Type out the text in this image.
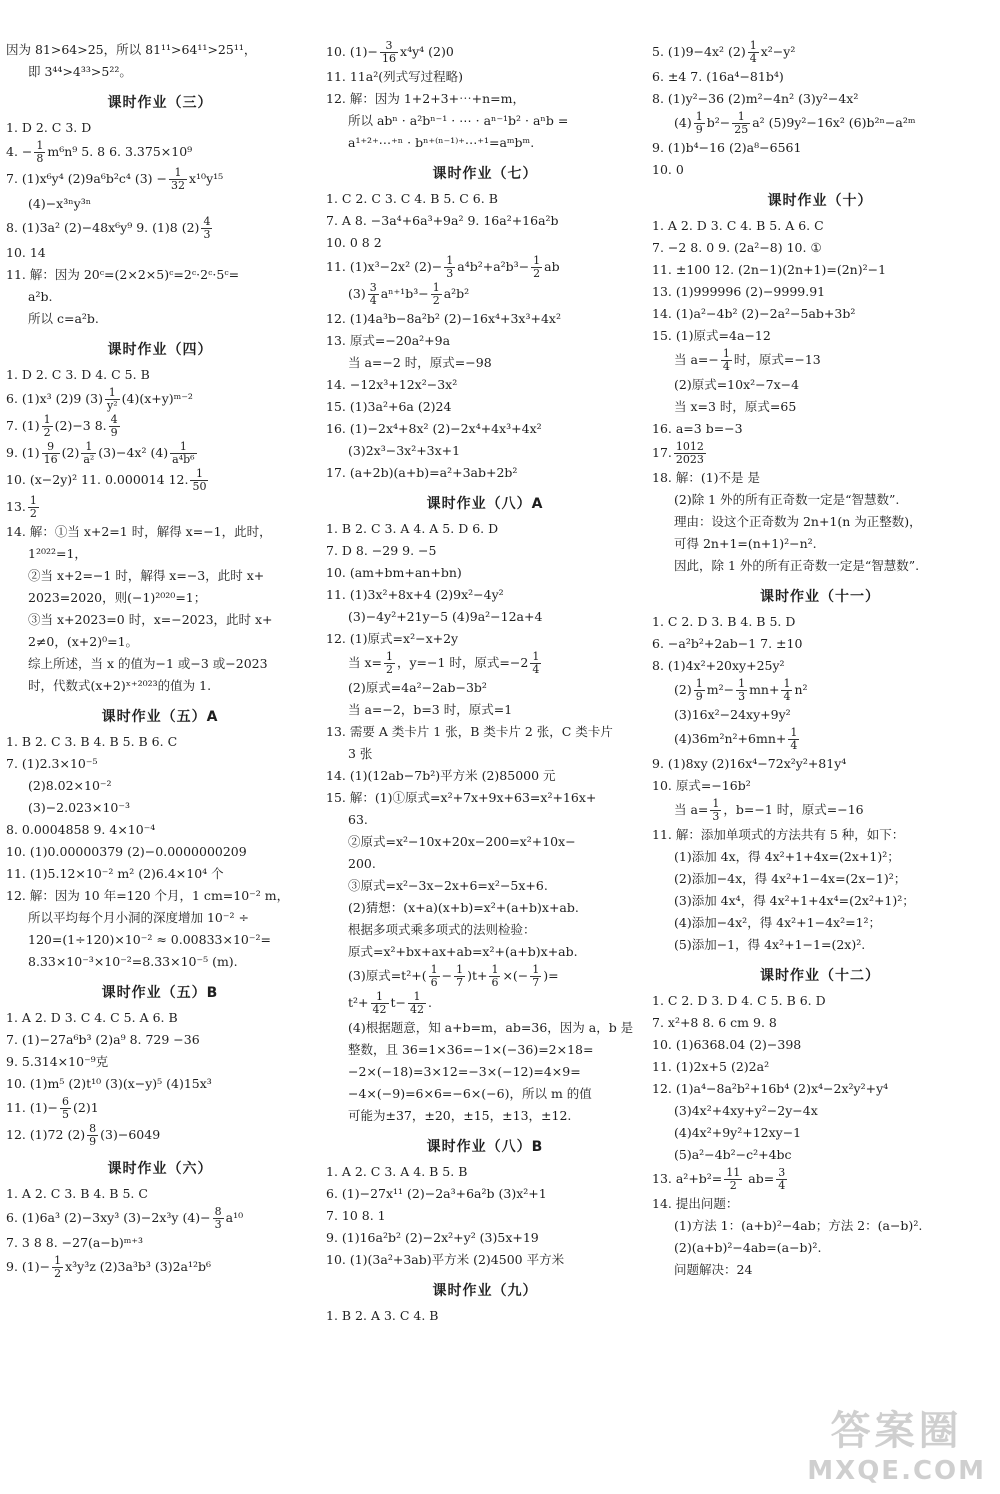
因为 81>64>25，所以 81¹¹>64¹¹>25¹¹，
即 3⁴⁴>4³³>5²²。
课时作业（三）
1. D 2. C 3. D
4. − $\frac{1}{8} m^6n^9$ 5. 8 6. 3.375×10⁹
7. (1)x⁶y⁴ (2)9a⁶b²c⁴ $(3) - \frac{1}{32} x^{10}y^{15}$
(4)−x³ⁿy³ⁿ
8. (1)3a² (2)−48x⁶y⁹ 9. (1)8 $(2) \frac{4}{3}$
10. 14
11. 解：因为 20ᶜ=(2×2×5)ᶜ=2ᶜ·2ᶜ·5ᶜ=
a²b.
所以 c=a²b.
课时作业（四）
1. D 2. C 3. D 4. C 5. B
6. (1)x³ (2)9 $(3) \frac{1}{\text{y²}}$ (4)(x+y)ᵐ⁻²
7. $(1) \frac{1}{2} (2)-3$ 8. $\frac{4}{9}$
9. $(1) \frac{9}{16} (2) \frac{1}{\text{a²}} (3)-4x^2$ $(4) \frac{1}{\text{a⁴b⁶}}$
10. (x−2y)² 11. 0.000014 12. $\frac{1}{50}$
13. $\frac{1}{2}$
14. 解：①当 x+2=1 时，解得 x=−1，此时，
1²⁰²²=1，
②当 x+2=−1 时，解得 x=−3，此时 x+
2023=2020，则(−1)²⁰²⁰=1；
③当 x+2023=0 时，x=−2023，此时 x+
2≠0，(x+2)⁰=1。
综上所述，当 x 的值为−1 或−3 或−2023
时，代数式(x+2)ˣ⁺²⁰²³的值为 1.
课时作业（五）A
1. B 2. C 3. B 4. B 5. B 6. C
7. (1)2.3×10⁻⁵
(2)8.02×10⁻²
(3)−2.023×10⁻³
8. 0.0004858 9. 4×10⁻⁴
10. (1)0.00000379 (2)−0.0000000209
11. (1)5.12×10⁻² m² (2)6.4×10⁴ 个
12. 解：因为 10 年=120 个月，1 cm=10⁻² m，
所以平均每个月小洞的深度增加 10⁻² ÷
120=(1÷120)×10⁻² ≈ 0.00833×10⁻²=
8.33×10⁻³×10⁻²=8.33×10⁻⁵ (m).
课时作业（五）B
1. A 2. D 3. C 4. C 5. A 6. B
7. (1)−27a⁶b³ (2)a⁹ 8. 729 −36
9. 5.314×10⁻⁹克
10. (1)m⁵ (2)t¹⁰ (3)(x−y)⁵ (4)15x³
11. $(1)- \frac{6}{5} (2)1$
12. (1)72 $(2) \frac{8}{9} (3)-6049$
课时作业（六）
1. A 2. C 3. B 4. B 5. C
6. (1)6a³ (2)−3xy³ (3)−2x³y $(4)- \frac{8}{3} a^{10}$
7. 3 8 8. −27(a−b)ᵐ⁺³
9. $(1)- \frac{1}{2} x^3y^3z$ (2)3a³b³ (3)2a¹²b⁶
10. $(1)- \frac{3}{16} x^4y^4$ (2)0
11. 11a²(列式写过程略)
12. 解：因为 1+2+3+⋯+n=m，
所以 abⁿ · a²bⁿ⁻¹ · ⋯ · aⁿ⁻¹b² · aⁿb =
a¹⁺²⁺⋯⁺ⁿ · bⁿ⁺⁽ⁿ⁻¹⁾⁺⋯⁺¹=aᵐbᵐ.
课时作业（七）
1. C 2. C 3. C 4. B 5. C 6. B
7. A 8. −3a⁴+6a³+9a² 9. 16a²+16a²b
10. 0 8 2
11. (1)x³−2x² $(2)- \frac{1}{3} a^4b^2+a^2b^3- \frac{1}{2}$ ab
$(3) \frac{3}{4} a^{n+1}b^3- \frac{1}{2} a^2b^2$
12. (1)4a³b−8a²b² (2)−16x⁴+3x³+4x²
13. 原式=−20a²+9a
当 a=−2 时，原式=−98
14. −12x³+12x²−3x²
15. (1)3a²+6a (2)24
16. (1)−2x⁴+8x² (2)−2x⁴+4x³+4x²
(3)2x³−3x²+3x+1
17. (a+2b)(a+b)=a²+3ab+2b²
课时作业（八）A
1. B 2. C 3. A 4. A 5. D 6. D
7. D 8. −29 9. −5
10. (am+bm+an+bn)
11. (1)3x²+8x+4 (2)9x²−4y²
(3)−4y²+21y−5 (4)9a²−12a+4
12. (1)原式=x²−x+2y
当 $x= \frac{1}{2}$ ，y=−1 时，原式$=-2 \frac{1}{4}$
(2)原式=4a²−2ab−3b²
当 a=−2，b=3 时，原式=1
13. 需要 A 类卡片 1 张，B 类卡片 2 张，C 类卡片
3 张
14. (1)(12ab−7b²)平方米 (2)85000 元
15. 解：(1)①原式=x²+7x+9x+63=x²+16x+
63.
②原式=x²−10x+20x−200=x²+10x−
200.
③原式=x²−3x−2x+6=x²−5x+6.
(2)猜想：(x+a)(x+b)=x²+(a+b)x+ab.
根据多项式乘多项式的法则检验：
原式=x²+bx+ax+ab=x²+(a+b)x+ab.
(3)原式$=t^2+( \frac{1}{6} - \frac{1}{7} )t+ \frac{1}{6}$ ×(− $\frac{1}{7}$ )=
$t^2+ \frac{1}{42} t- \frac{1}{42}$ .
(4)根据题意，知 a+b=m，ab=36，因为 a，b 是
整数，且 36=1×36=−1×(−36)=2×18=
−2×(−18)=3×12=−3×(−12)=4×9=
−4×(−9)=6×6=−6×(−6)，所以 m 的值
可能为±37，±20，±15，±13，±12.
课时作业（八）B
1. A 2. C 3. A 4. B 5. B
6. (1)−27x¹¹ (2)−2a³+6a²b (3)x²+1
7. 10 8. 1
9. (1)16a²b² (2)−2x²+y² (3)5x+19
10. (1)(3a²+3ab)平方米 (2)4500 平方米
课时作业（九）
1. B 2. A 3. C 4. B
5. (1)9−4x² $(2) \frac{1}{4} x^2-y^2$
6. ±4 7. (16a⁴−81b⁴)
8. (1)y²−36 (2)m²−4n² (3)y²−4x²
$(4) \frac{1}{9} b^2- \frac{1}{25} a^2$ (5)9y²−16x² (6)b²ⁿ−a²ᵐ
9. (1)b⁴−16 (2)a⁸−6561
10. 0
课时作业（十）
1. A 2. D 3. C 4. B 5. A 6. C
7. −2 8. 0 9. (2a²−8) 10. ①
11. ±100 12. (2n−1)(2n+1)=(2n)²−1
13. (1)999996 (2)−9999.91
14. (1)a²−4b² (2)−2a²−5ab+3b²
15. (1)原式=4a−12
当 $a=- \frac{1}{4}$ 时，原式=−13
(2)原式=10x²−7x−4
当 x=3 时，原式=65
16. a=3 b=−3
17. $\frac{1012}{2023}$
18. 解：(1)不是 是
(2)除 1 外的所有正奇数一定是“智慧数”.
理由：设这个正奇数为 2n+1(n 为正整数)，
可得 2n+1=(n+1)²−n².
因此，除 1 外的所有正奇数一定是“智慧数”.
课时作业（十一）
1. C 2. D 3. B 4. B 5. D
6. −a²b²+2ab−1 7. ±10
8. (1)4x²+20xy+25y²
$(2) \frac{1}{9} m^2- \frac{1}{3} mn+ \frac{1}{4} n^2$
(3)16x²−24xy+9y²
$(4)36m^2n^2+6mn+ \frac{1}{4}$
9. (1)8xy (2)16x⁴−72x²y²+81y⁴
10. 原式=−16b²
当 $a= \frac{1}{3}$ ，b=−1 时，原式=−16
11. 解：添加单项式的方法共有 5 种，如下：
(1)添加 4x，得 4x²+1+4x=(2x+1)²；
(2)添加−4x，得 4x²+1−4x=(2x−1)²；
(3)添加 4x⁴，得 4x²+1+4x⁴=(2x²+1)²；
(4)添加−4x²，得 4x²+1−4x²=1²；
(5)添加−1，得 4x²+1−1=(2x)².
课时作业（十二）
1. C 2. D 3. D 4. C 5. B 6. D
7. x²+8 8. 6 cm 9. 8
10. (1)6368.04 (2)−398
11. (1)2x+5 (2)2a²
12. (1)a⁴−8a²b²+16b⁴ (2)x⁴−2x²y²+y⁴
(3)4x²+4xy+y²−2y−4x
(4)4x²+9y²+12xy−1
(5)a²−4b²−c²+4bc
13. $a^2+b^2= \frac{11}{2} ab= \frac{3}{4}$
14. 提出问题：
(1)方法 1：(a+b)²−4ab；方法 2：(a−b)².
(2)(a+b)²−4ab=(a−b)².
问题解决：24
答案圈
MXQE.COM
